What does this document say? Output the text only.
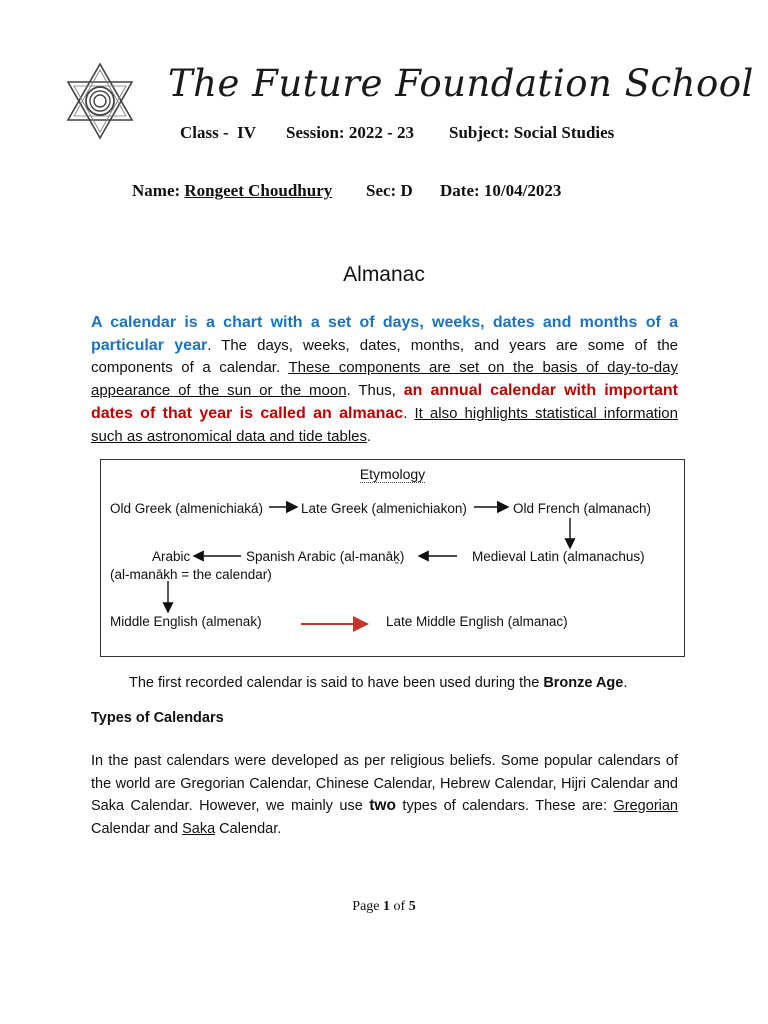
The Future Foundation School
Class - IV Session: 2022 - 23 Subject: Social Studies
Name: Rongeet Choudhury Sec: D Date: 10/04/2023
Almanac
A calendar is a chart with a set of days, weeks, dates and months of a particular year. The days, weeks, dates, months, and years are some of the components of a calendar. These components are set on the basis of day-to-day appearance of the sun or the moon. Thus, an annual calendar with important dates of that year is called an almanac. It also highlights statistical information such as astronomical data and tide tables.
Etymology
Old Greek (almenichiaká)	Late Greek (almenichiakon)	Old French (almanach)
Medieval Latin (almanachus)
Spanish Arabic (al-manāḵ)
Arabic
(al-manākh = the calendar)
Middle English (almenak)	Late Middle English (almanac)
The first recorded calendar is said to have been used during the Bronze Age.
Types of Calendars
In the past calendars were developed as per religious beliefs. Some popular calendars of the world are Gregorian Calendar, Chinese Calendar, Hebrew Calendar, Hijri Calendar and Saka Calendar. However, we mainly use two types of calendars. These are: Gregorian Calendar and Saka Calendar.
Page 1 of 5
